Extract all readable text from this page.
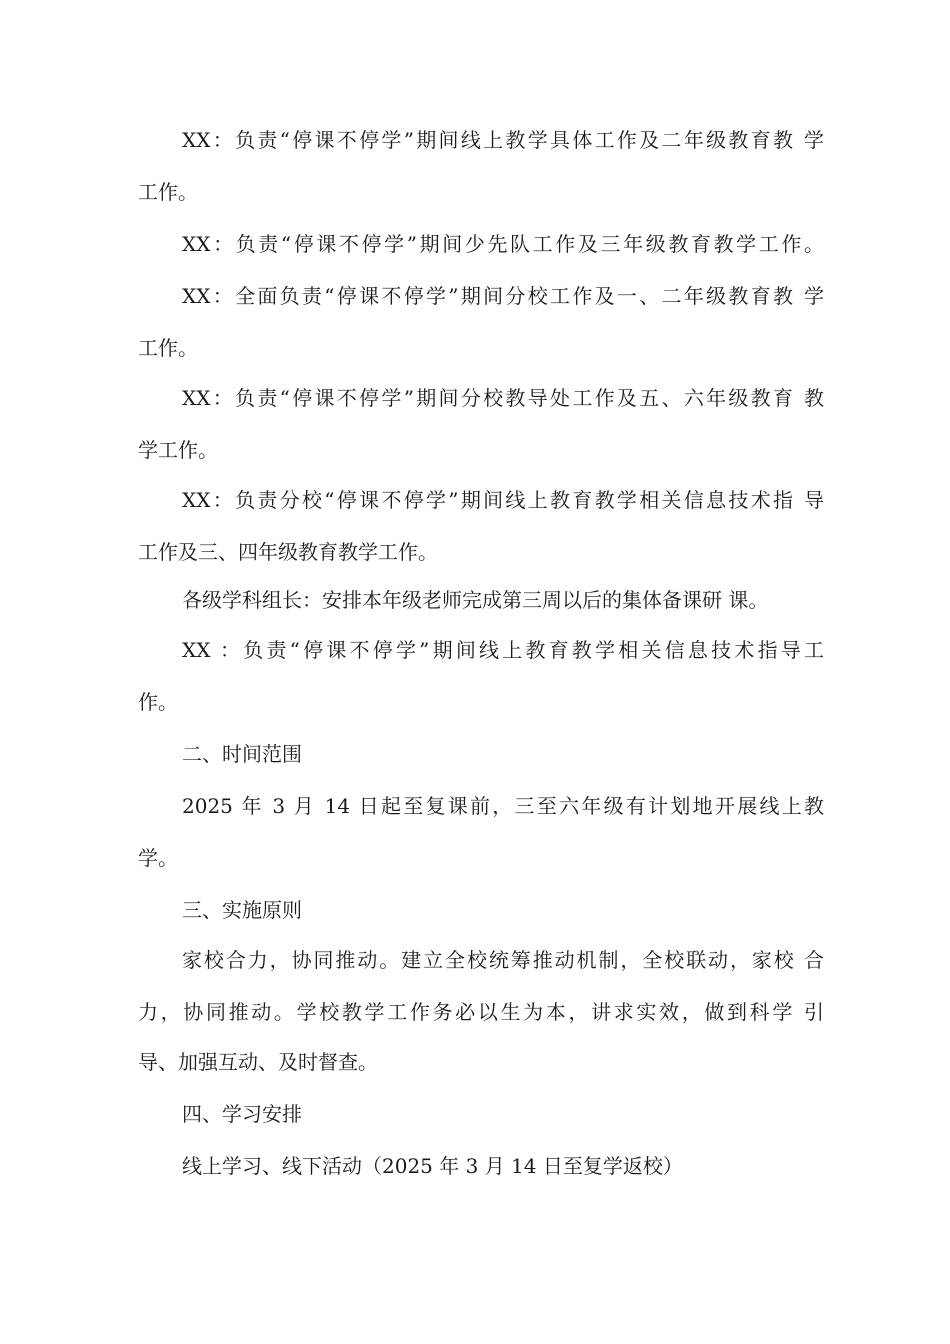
XX：负责“停课不停学”期间线上教学具体工作及二年级教育教 学
工作。
XX：负责“停课不停学”期间少先队工作及三年级教育教学工作。
XX：全面负责“停课不停学”期间分校工作及一、二年级教育教 学
工作。
XX：负责“停课不停学”期间分校教导处工作及五、六年级教育 教
学工作。
XX：负责分校“停课不停学”期间线上教育教学相关信息技术指 导
工作及三、四年级教育教学工作。
各级学科组长：安排本年级老师完成第三周以后的集体备课研 课。
XX ：负责“停课不停学”期间线上教育教学相关信息技术指导工
作。
二、时间范围
2025 年 3 月 14 日起至复课前，三至六年级有计划地开展线上教
学。
三、实施原则
家校合力，协同推动。建立全校统筹推动机制，全校联动，家校 合
力，协同推动。学校教学工作务必以生为本，讲求实效，做到科学 引
导、加强互动、及时督查。
四、学习安排
线上学习、线下活动（2025 年 3 月 14 日至复学返校）
